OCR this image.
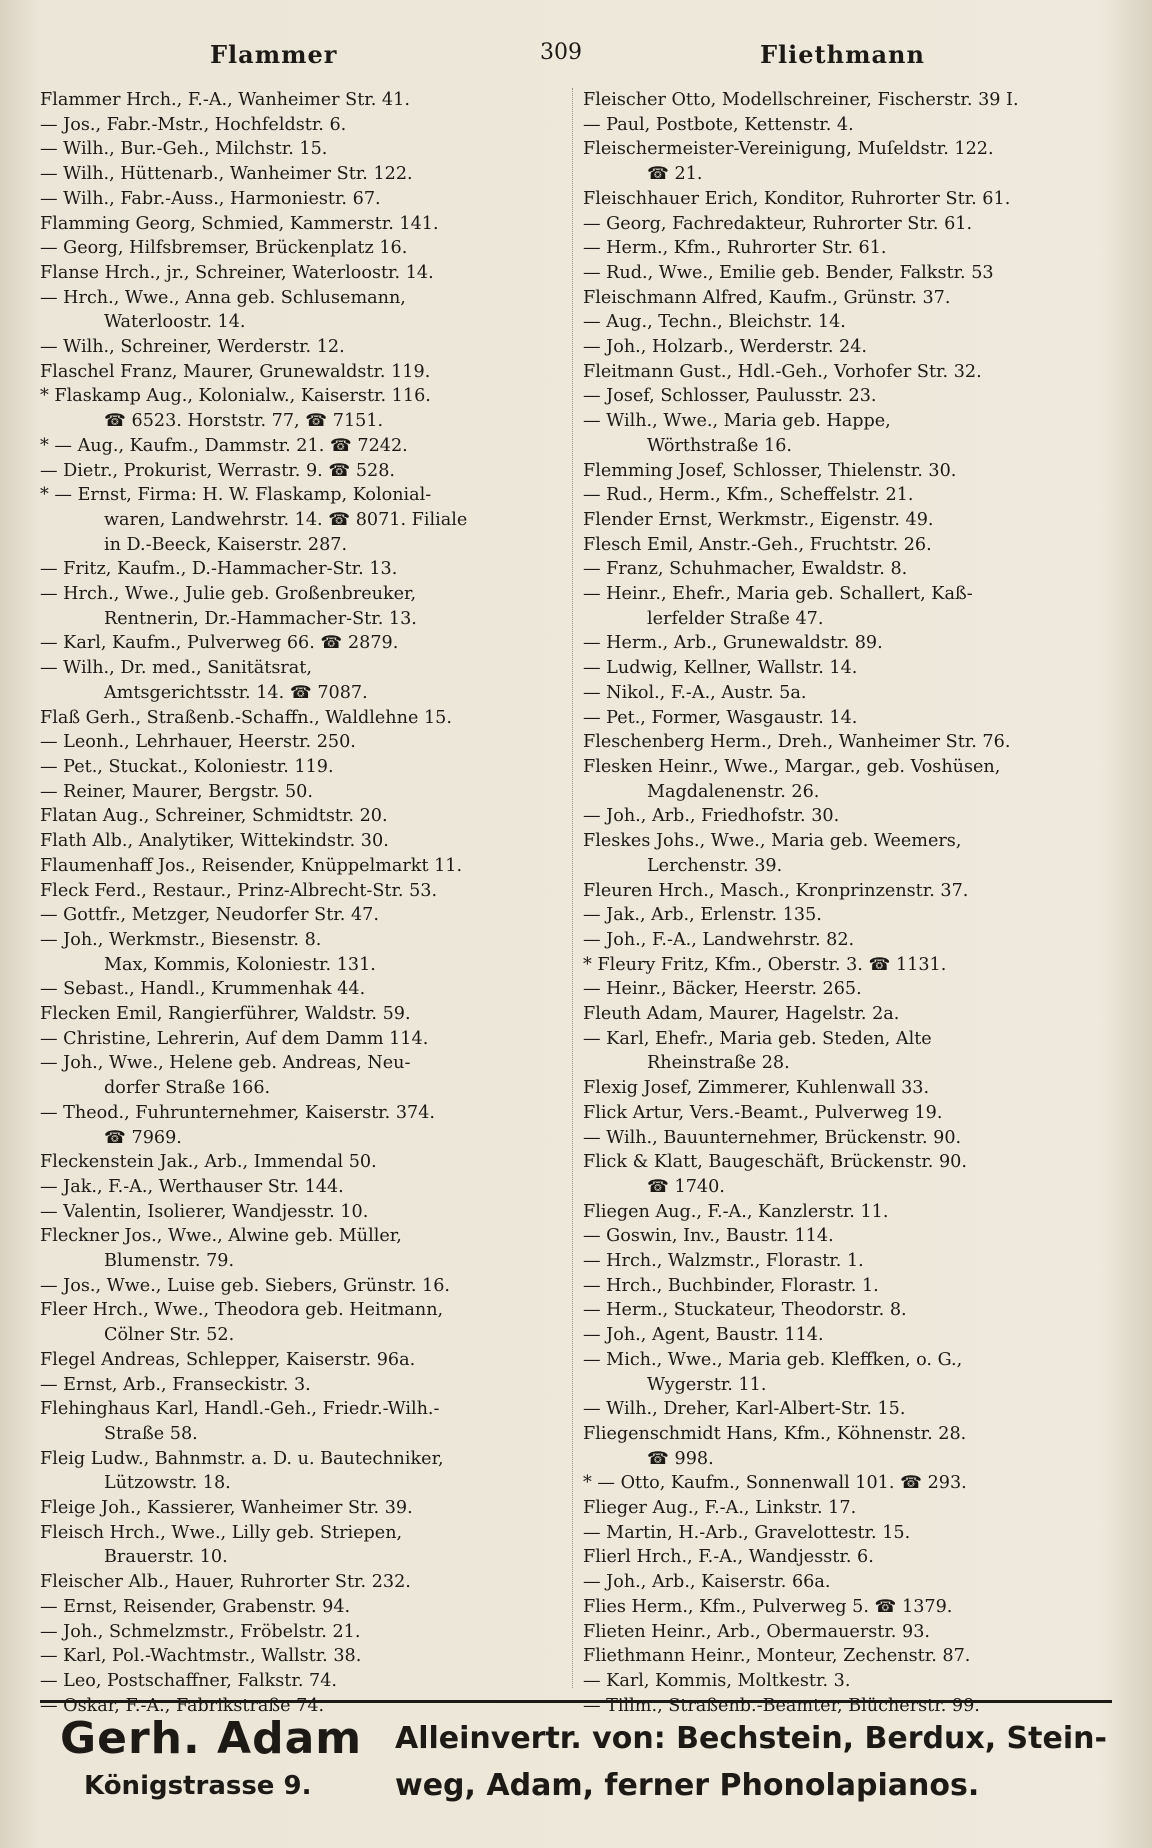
Flammer	309	Fliethmann
Flammer Hrch., F.-A., Wanheimer Str. 41.
— Jos., Fabr.-Mstr., Hochfeldstr. 6.
— Wilh., Bur.-Geh., Milchstr. 15.
— Wilh., Hüttenarb., Wanheimer Str. 122.
— Wilh., Fabr.-Auss., Harmoniestr. 67.
Flamming Georg, Schmied, Kammerstr. 141.
— Georg, Hilfsbremser, Brückenplatz 16.
Flanse Hrch., jr., Schreiner, Waterloostr. 14.
— Hrch., Wwe., Anna geb. Schlusemann,
Waterloostr. 14.
— Wilh., Schreiner, Werderstr. 12.
Flaschel Franz, Maurer, Grunewaldstr. 119.
* Flaskamp Aug., Kolonialw., Kaiserstr. 116.
☎ 6523. Horststr. 77, ☎ 7151.
* — Aug., Kaufm., Dammstr. 21. ☎ 7242.
— Dietr., Prokurist, Werrastr. 9. ☎ 528.
* — Ernst, Firma: H. W. Flaskamp, Kolonial-
waren, Landwehrstr. 14. ☎ 8071. Filiale
in D.-Beeck, Kaiserstr. 287.
— Fritz, Kaufm., D.-Hammacher-Str. 13.
— Hrch., Wwe., Julie geb. Großenbreuker,
Rentnerin, Dr.-Hammacher-Str. 13.
— Karl, Kaufm., Pulverweg 66. ☎ 2879.
— Wilh., Dr. med., Sanitätsrat,
Amtsgerichtsstr. 14. ☎ 7087.
Flaß Gerh., Straßenb.-Schaffn., Waldlehne 15.
— Leonh., Lehrhauer, Heerstr. 250.
— Pet., Stuckat., Koloniestr. 119.
— Reiner, Maurer, Bergstr. 50.
Flatan Aug., Schreiner, Schmidtstr. 20.
Flath Alb., Analytiker, Wittekindstr. 30.
Flaumenhaff Jos., Reisender, Knüppelmarkt 11.
Fleck Ferd., Restaur., Prinz-Albrecht-Str. 53.
— Gottfr., Metzger, Neudorfer Str. 47.
— Joh., Werkmstr., Biesenstr. 8.
Max, Kommis, Koloniestr. 131.
— Sebast., Handl., Krummenhak 44.
Flecken Emil, Rangierführer, Waldstr. 59.
— Christine, Lehrerin, Auf dem Damm 114.
— Joh., Wwe., Helene geb. Andreas, Neu-
dorfer Straße 166.
— Theod., Fuhrunternehmer, Kaiserstr. 374.
☎ 7969.
Fleckenstein Jak., Arb., Immendal 50.
— Jak., F.-A., Werthauser Str. 144.
— Valentin, Isolierer, Wandjesstr. 10.
Fleckner Jos., Wwe., Alwine geb. Müller,
Blumenstr. 79.
— Jos., Wwe., Luise geb. Siebers, Grünstr. 16.
Fleer Hrch., Wwe., Theodora geb. Heitmann,
Cölner Str. 52.
Flegel Andreas, Schlepper, Kaiserstr. 96a.
— Ernst, Arb., Franseckistr. 3.
Flehinghaus Karl, Handl.-Geh., Friedr.-Wilh.-
Straße 58.
Fleig Ludw., Bahnmstr. a. D. u. Bautechniker,
Lützowstr. 18.
Fleige Joh., Kassierer, Wanheimer Str. 39.
Fleisch Hrch., Wwe., Lilly geb. Striepen,
Brauerstr. 10.
Fleischer Alb., Hauer, Ruhrorter Str. 232.
— Ernst, Reisender, Grabenstr. 94.
— Joh., Schmelzmstr., Fröbelstr. 21.
— Karl, Pol.-Wachtmstr., Wallstr. 38.
— Leo, Postschaffner, Falkstr. 74.
— Oskar, F.-A., Fabrikstraße 74.
Fleischer Otto, Modellschreiner, Fischerstr. 39 I.
— Paul, Postbote, Kettenstr. 4.
Fleischermeister-Vereinigung, Muſeldstr. 122.
☎ 21.
Fleischhauer Erich, Konditor, Ruhrorter Str. 61.
— Georg, Fachredakteur, Ruhrorter Str. 61.
— Herm., Kfm., Ruhrorter Str. 61.
— Rud., Wwe., Emilie geb. Bender, Falkstr. 53
Fleischmann Alfred, Kaufm., Grünstr. 37.
— Aug., Techn., Bleichstr. 14.
— Joh., Holzarb., Werderstr. 24.
Fleitmann Gust., Hdl.-Geh., Vorhofer Str. 32.
— Josef, Schlosser, Paulusstr. 23.
— Wilh., Wwe., Maria geb. Happe,
Wörthstraße 16.
Flemming Josef, Schlosser, Thielenstr. 30.
— Rud., Herm., Kfm., Scheffelstr. 21.
Flender Ernst, Werkmstr., Eigenstr. 49.
Flesch Emil, Anstr.-Geh., Fruchtstr. 26.
— Franz, Schuhmacher, Ewaldstr. 8.
— Heinr., Ehefr., Maria geb. Schallert, Kaß-
lerfelder Straße 47.
— Herm., Arb., Grunewaldstr. 89.
— Ludwig, Kellner, Wallstr. 14.
— Nikol., F.-A., Austr. 5a.
— Pet., Former, Wasgaustr. 14.
Fleschenberg Herm., Dreh., Wanheimer Str. 76.
Flesken Heinr., Wwe., Margar., geb. Voshüsen,
Magdalenenstr. 26.
— Joh., Arb., Friedhofstr. 30.
Fleskes Johs., Wwe., Maria geb. Weemers,
Lerchenstr. 39.
Fleuren Hrch., Masch., Kronprinzenstr. 37.
— Jak., Arb., Erlenstr. 135.
— Joh., F.-A., Landwehrstr. 82.
* Fleury Fritz, Kfm., Oberstr. 3. ☎ 1131.
— Heinr., Bäcker, Heerstr. 265.
Fleuth Adam, Maurer, Hagelstr. 2a.
— Karl, Ehefr., Maria geb. Steden, Alte
Rheinstraße 28.
Flexig Josef, Zimmerer, Kuhlenwall 33.
Flick Artur, Vers.-Beamt., Pulverweg 19.
— Wilh., Bauunternehmer, Brückenstr. 90.
Flick & Klatt, Baugeschäft, Brückenstr. 90.
☎ 1740.
Fliegen Aug., F.-A., Kanzlerstr. 11.
— Goswin, Inv., Baustr. 114.
— Hrch., Walzmstr., Florastr. 1.
— Hrch., Buchbinder, Florastr. 1.
— Herm., Stuckateur, Theodorstr. 8.
— Joh., Agent, Baustr. 114.
— Mich., Wwe., Maria geb. Kleffken, o. G.,
Wygerstr. 11.
— Wilh., Dreher, Karl-Albert-Str. 15.
Fliegenschmidt Hans, Kfm., Köhnenstr. 28.
☎ 998.
* — Otto, Kaufm., Sonnenwall 101. ☎ 293.
Flieger Aug., F.-A., Linkstr. 17.
— Martin, H.-Arb., Gravelottestr. 15.
Flierl Hrch., F.-A., Wandjesstr. 6.
— Joh., Arb., Kaiserstr. 66a.
Flies Herm., Kfm., Pulverweg 5. ☎ 1379.
Flieten Heinr., Arb., Obermauerstr. 93.
Fliethmann Heinr., Monteur, Zechenstr. 87.
— Karl, Kommis, Moltkestr. 3.
— Tillm., Straßenb.-Beamter, Blücherstr. 99.
Gerh. Adam
Königstrasse 9.
Alleinvertr. von: Bechstein, Berdux, Stein-
weg, Adam, ferner Phonolapianos.
